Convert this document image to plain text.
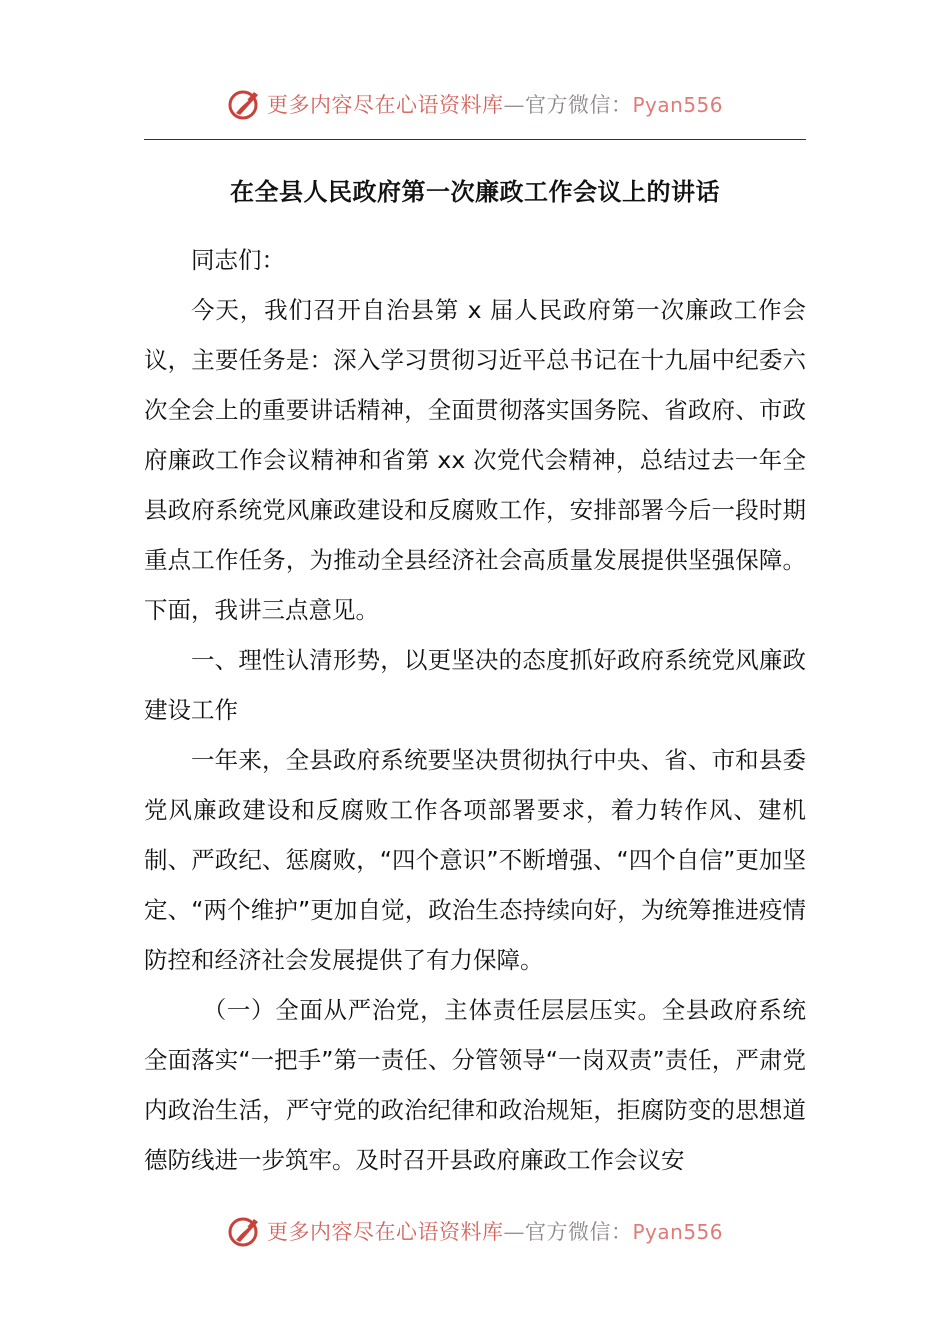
更多内容尽在心语资料库—官方微信：Pyan556
在全县人民政府第一次廉政工作会议上的讲话

同志们：

今天，我们召开自治县第 x 届人民政府第一次廉政工作会议，主要任务是：深入学习贯彻习近平总书记在十九届中纪委六次全会上的重要讲话精神，全面贯彻落实国务院、省政府、市政府廉政工作会议精神和省第 xx 次党代会精神，总结过去一年全县政府系统党风廉政建设和反腐败工作，安排部署今后一段时期重点工作任务，为推动全县经济社会高质量发展提供坚强保障。下面，我讲三点意见。

一、理性认清形势，以更坚决的态度抓好政府系统党风廉政建设工作

一年来，全县政府系统要坚决贯彻执行中央、省、市和县委党风廉政建设和反腐败工作各项部署要求，着力转作风、建机制、严政纪、惩腐败，“四个意识”不断增强、“四个自信”更加坚定、“两个维护”更加自觉，政治生态持续向好，为统筹推进疫情防控和经济社会发展提供了有力保障。

（一）全面从严治党，主体责任层层压实。全县政府系统全面落实“一把手”第一责任、分管领导“一岗双责”责任，严肃党内政治生活，严守党的政治纪律和政治规矩，拒腐防变的思想道德防线进一步筑牢。及时召开县政府廉政工作会议安

更多内容尽在心语资料库—官方微信：Pyan556
